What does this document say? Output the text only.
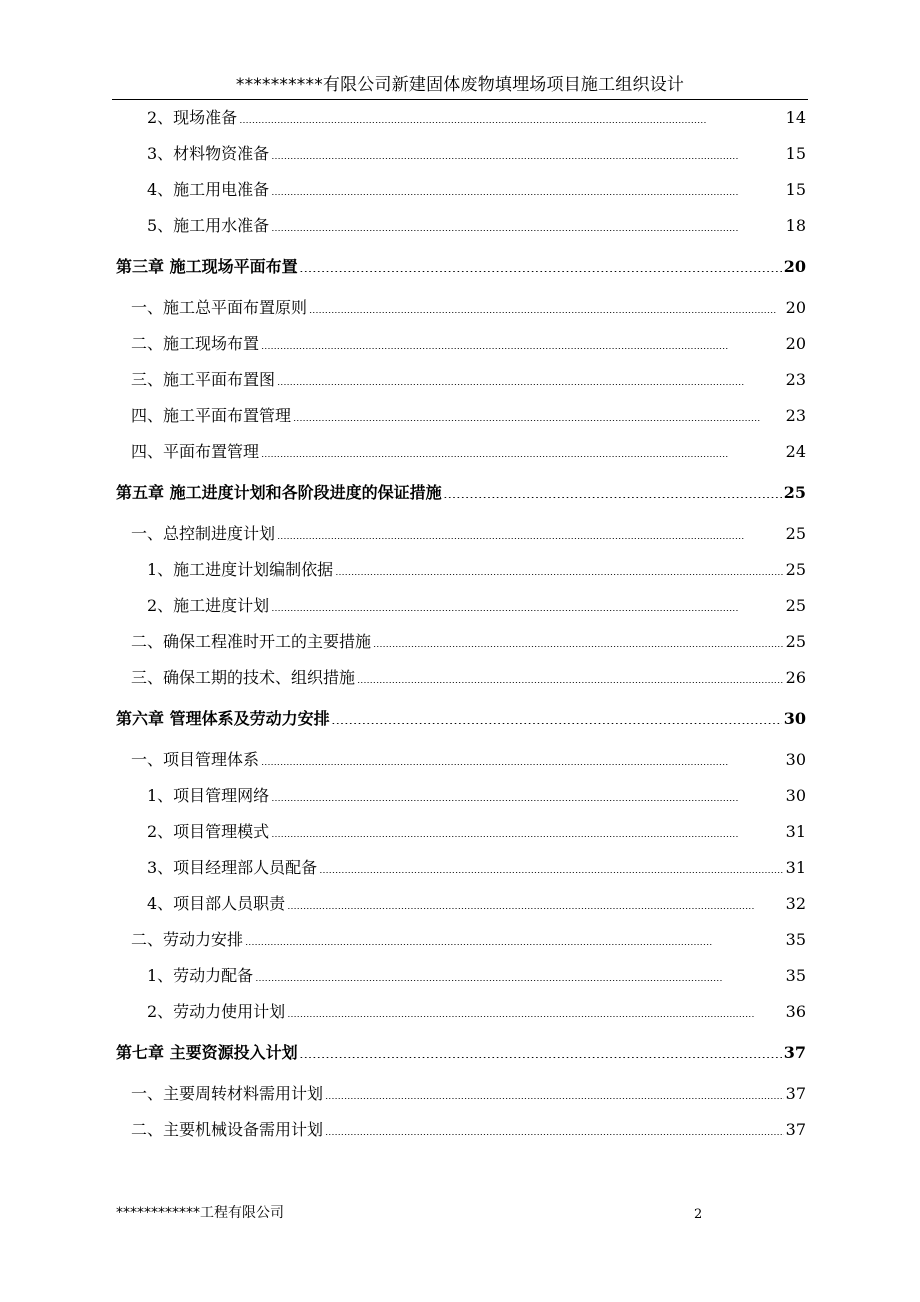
**********有限公司新建固体废物填埋场项目施工组织设计
2、现场准备 . . .	14
3、材料物资准备 . . .	15
4、施工用电准备 . . .	15
5、施工用水准备 . . .	18
第三章 施工现场平面布置 . . .	20
一、施工总平面布置原则 . . .	20
二、施工现场布置 . . .	20
三、施工平面布置图 . . .	23
四、施工平面布置管理 . . .	23
四、平面布置管理 . . .	24
第五章 施工进度计划和各阶段进度的保证措施 . . .	25
一、总控制进度计划 . . .	25
1、施工进度计划编制依据 . . .	25
2、施工进度计划 . . .	25
二、确保工程准时开工的主要措施 . . .	25
三、确保工期的技术、组织措施 . . .	26
第六章 管理体系及劳动力安排 . . .	30
一、项目管理体系 . . .	30
1、项目管理网络 . . .	30
2、项目管理模式 . . .	31
3、项目经理部人员配备 . . .	31
4、项目部人员职责 . . .	32
二、劳动力安排 . . .	35
1、劳动力配备 . . .	35
2、劳动力使用计划 . . .	36
第七章 主要资源投入计划 . . .	37
一、主要周转材料需用计划 . . .	37
二、主要机械设备需用计划 . . .	37
************工程有限公司	2
